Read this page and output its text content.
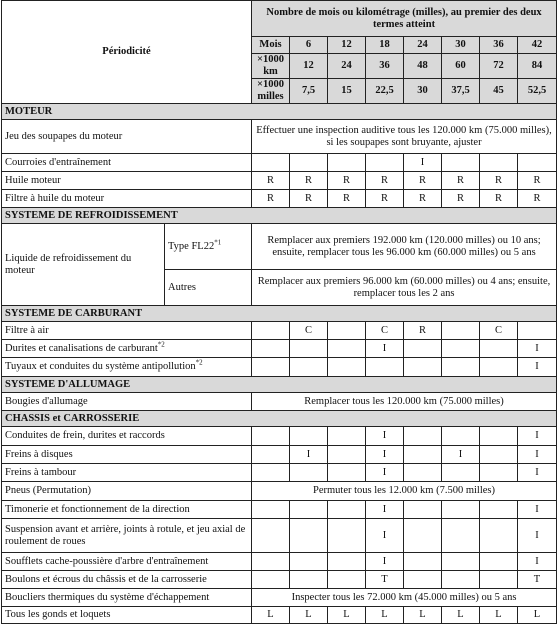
Périodicité		Nombre de mois ou kilométrage (milles), au premier des deux termes atteint								
		Mois	6	12	18	24	30	36	42	
		×1000 km	12	24	36	48	60	72	84	
		×1000 milles	7,5	15	22,5	30	37,5	45	52,5	
MOTEUR										
Jeu des soupapes du moteur		Effectuer une inspection auditive tous les 120.000 km (75.000 milles), si les soupapes sont bruyante, ajuster								
Courroies d'entraînement						I				
Huile moteur		R	R	R	R	R	R	R	R	
Filtre à huile du moteur		R	R	R	R	R	R	R	R	
SYSTEME DE REFROIDISSEMENT										
Liquide de refroidissement du moteur	Type FL22$^{*1}$	Remplacer aux premiers 192.000 km (120.000 milles) ou 10 ans; ensuite, remplacer tous les 96.000 km (60.000 milles) ou 5 ans								
	Autres	Remplacer aux premiers 96.000 km (60.000 milles) ou 4 ans; ensuite, remplacer tous les 2 ans								
SYSTEME DE CARBURANT										
Filtre à air			C		C	R		C		
Durites et canalisations de carburant$^{*2}$					I				I	
Tuyaux et conduites du système antipollution$^{*2}$									I	
SYSTEME D'ALLUMAGE										
Bougies d'allumage		Remplacer tous les 120.000 km (75.000 milles)								
CHASSIS et CARROSSERIE										
Conduites de frein, durites et raccords					I				I	
Freins à disques			I		I		I		I	
Freins à tambour					I				I	
Pneus (Permutation)		Permuter tous les 12.000 km (7.500 milles)								
Timonerie et fonctionnement de la direction					I				I	
Suspension avant et arrière, joints à rotule, et jeu axial de roulement de roues					I				I	
Soufflets cache-poussière d'arbre d'entraînement					I				I	
Boulons et écrous du châssis et de la carrosserie					T				T	
Boucliers thermiques du système d'échappement		Inspecter tous les 72.000 km (45.000 milles) ou 5 ans								
Tous les gonds et loquets		L	L	L	L	L	L	L	L	
